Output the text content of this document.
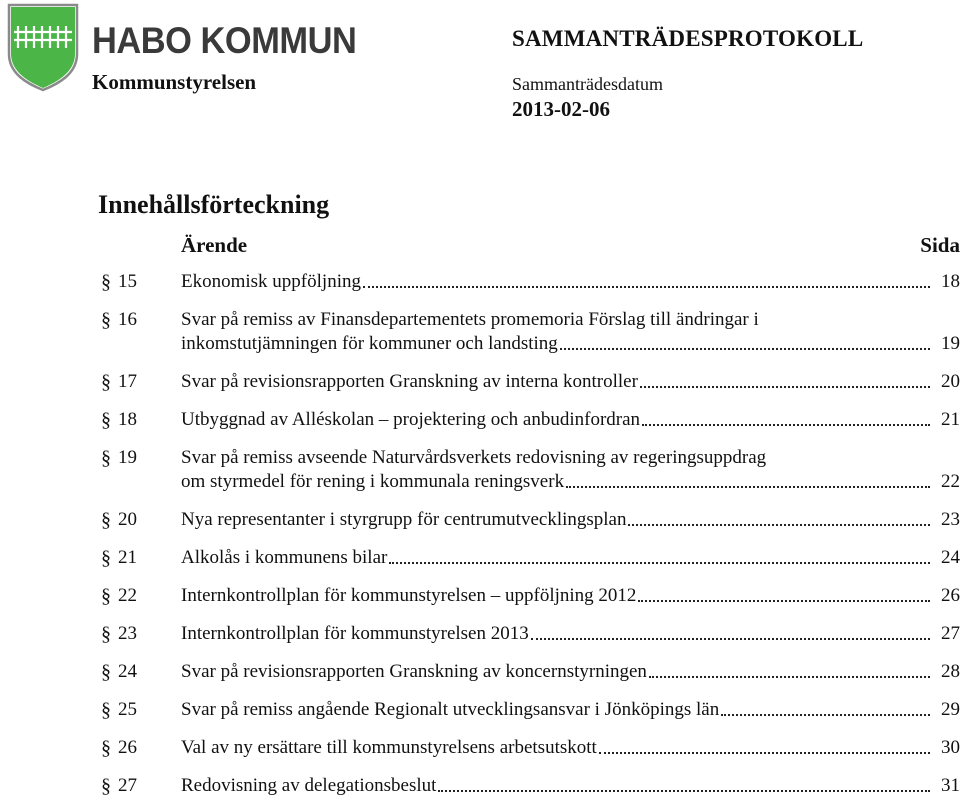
HABO KOMMUN
Kommunstyrelsen
SAMMANTRÄDESPROTOKOLL
Sammanträdesdatum
2013-02-06
Innehållsförteckning
Ärende	Sida
§ 15 Ekonomisk uppföljning	18
§ 16 Svar på remiss av Finansdepartementets promemoria Förslag till ändringar i
inkomstutjämningen för kommuner och landsting	19
§ 17 Svar på revisionsrapporten Granskning av interna kontroller	20
§ 18 Utbyggnad av Alléskolan – projektering och anbudinfordran	21
§ 19 Svar på remiss avseende Naturvårdsverkets redovisning av regeringsuppdrag
om styrmedel för rening i kommunala reningsverk	22
§ 20 Nya representanter i styrgrupp för centrumutvecklingsplan	23
§ 21 Alkolås i kommunens bilar	24
§ 22 Internkontrollplan för kommunstyrelsen – uppföljning 2012	26
§ 23 Internkontrollplan för kommunstyrelsen 2013	27
§ 24 Svar på revisionsrapporten Granskning av koncernstyrningen	28
§ 25 Svar på remiss angående Regionalt utvecklingsansvar i Jönköpings län	29
§ 26 Val av ny ersättare till kommunstyrelsens arbetsutskott	30
§ 27 Redovisning av delegationsbeslut	31
